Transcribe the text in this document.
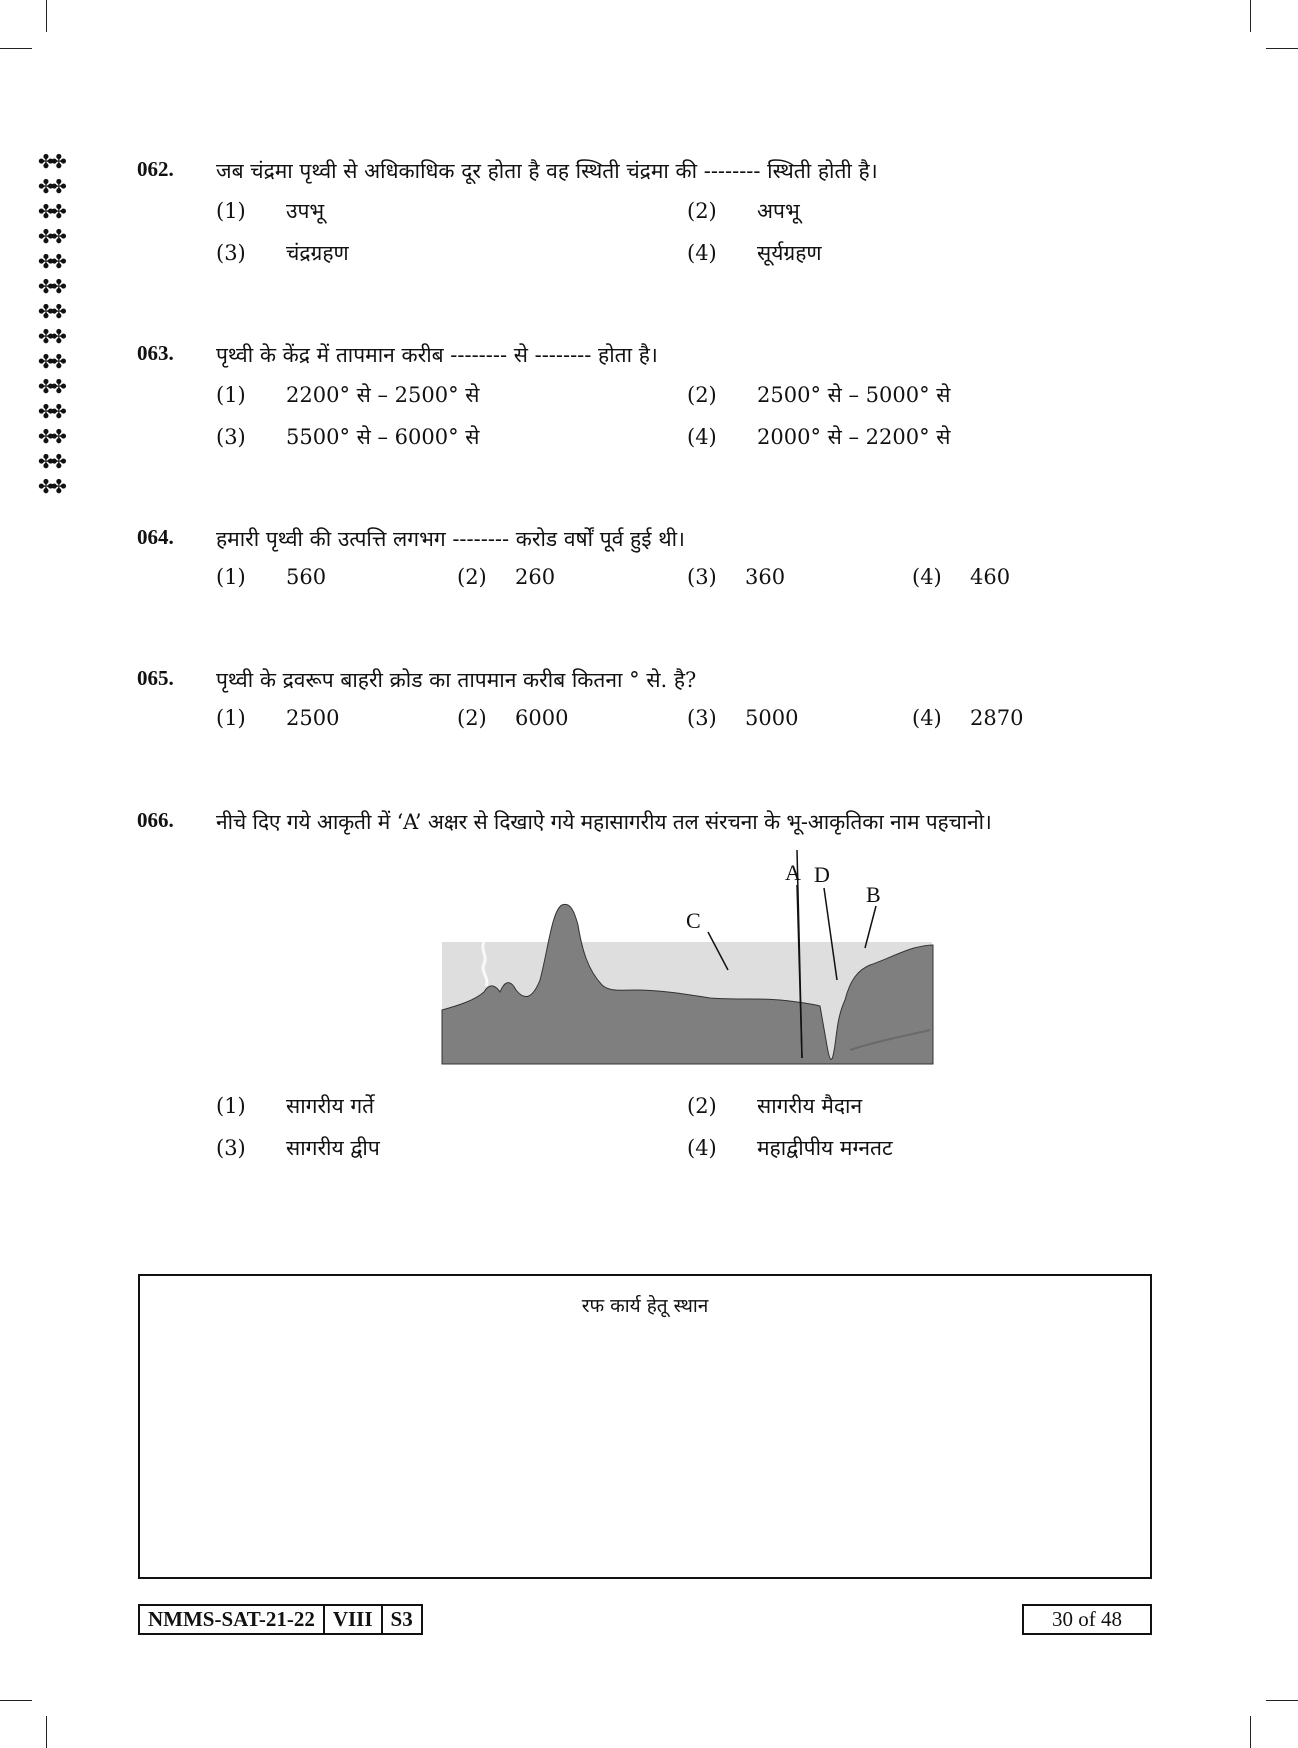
✤✤
✤✤
✤✤
✤✤
✤✤
✤✤
✤✤
✤✤
✤✤
✤✤
✤✤
✤✤
✤✤
✤✤
062. जब चंद्रमा पृथ्वी से अधिकाधिक दूर होता है वह स्थिती चंद्रमा की -------- स्थिती होती है।
(1) उपभू	(2) अपभू
(3) चंद्रग्रहण	(4) सूर्यग्रहण
063. पृथ्वी के केंद्र में तापमान करीब -------- से -------- होता है।
(1) 2200° से – 2500° से	(2) 2500° से – 5000° से
(3) 5500° से – 6000° से	(4) 2000° से – 2200° से
064. हमारी पृथ्वी की उत्पत्ति लगभग -------- करोड वर्षों पूर्व हुई थी।
(1) 560	(2) 260	(3) 360	(4) 460
065. पृथ्वी के द्रवरूप बाहरी क्रोड का तापमान करीब कितना ° से. है?
(1) 2500	(2) 6000	(3) 5000	(4) 2870
066. नीचे दिए गये आकृती में ‘A’ अक्षर से दिखाऐ गये महासागरीय तल संरचना के भू-आकृतिका नाम पहचानो।
A D
B
C
(1) सागरीय गर्ते	(2) सागरीय मैदान
(3) सागरीय द्वीप	(4) महाद्वीपीय मग्नतट
रफ कार्य हेतू स्थान
NMMS-SAT-21-22 VIII S3	30 of 48
